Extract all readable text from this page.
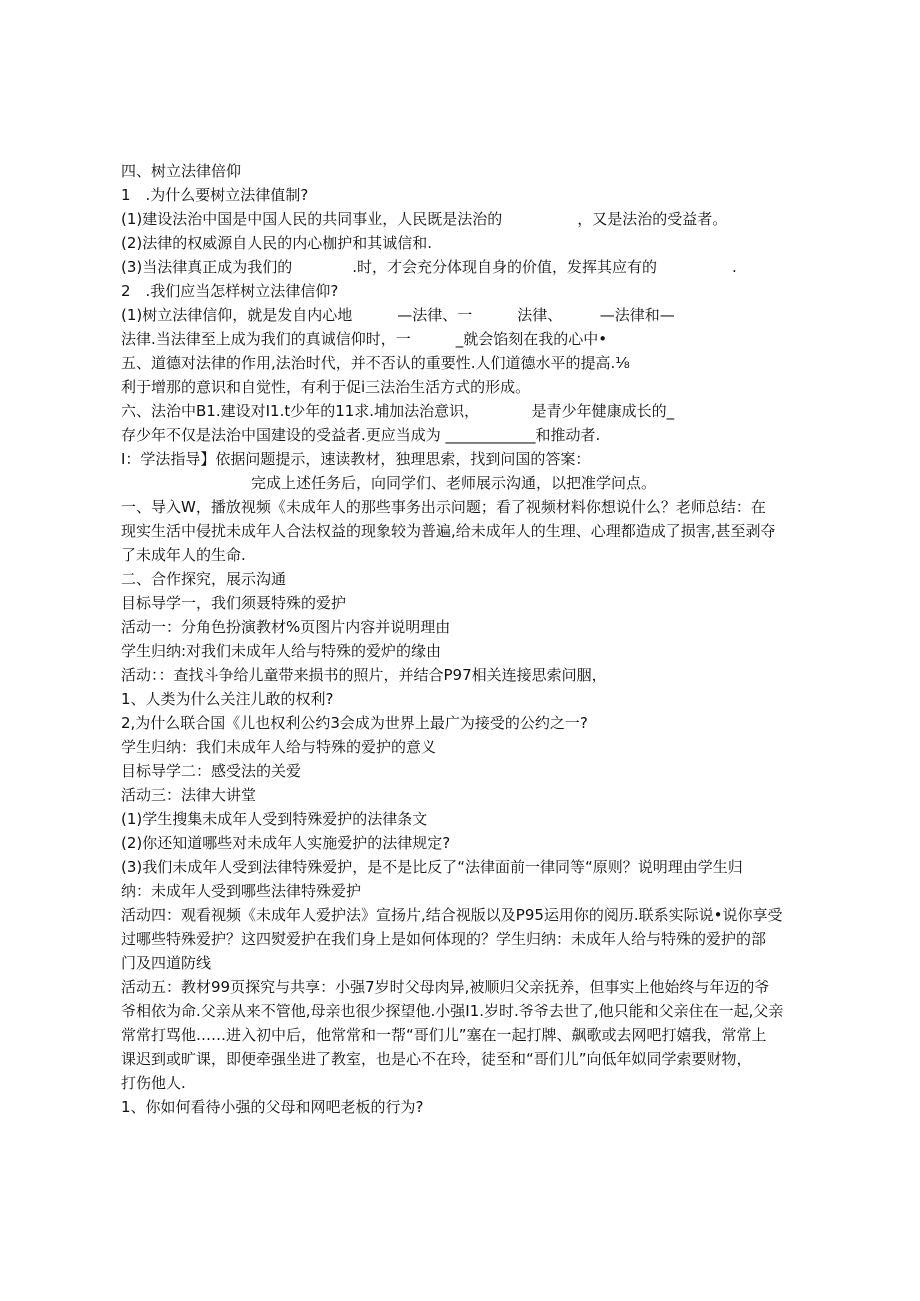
四、树立法律倍仰
1　.为什么要树立法律值制?
(1)建设法治中国是中国人民的共同事业，人民既是法治的　　　　　，又是法治的受益者。
(2)法律的权威源自人民的内心枷护和其诚信和.
(3)当法律真正成为我们的　　　　.时，才会充分体现自身的价值，发挥其应有的　　　　　.
2　.我们应当怎样树立法律信仰?
(1)树立法律信仰，就是发自内心地　　　—法律、一　　　法律、　　　—法律和—
法律.当法律至上成为我们的真诚信仰时，一　　　_就会馅刻在我的心中•
五、道德对法律的作用,法治时代，并不否认的重要性.人们道德水平的提高.⅛
利于增那的意识和自觉性，有利于促i三法治生活方式的形成。
六、法治中B1.建设对I1.t少年的11求.埔加法治意识，　　　　是青少年健康成长的_
存少年不仅是法治中国建设的受益者.更应当成为 ____________和推动者.
I：学法指导】依据问题提示，速读教材，独理思索，找到问国的答案：
完成上述任务后，向同学们、老师展示沟通，以把准学问点。
一、导入W，播放视频《未成年人的那些事务出示问题；看了视频材料你想说什么？老师总结：在
现实生活中侵扰未成年人合法权益的现象较为普遍,给未成年人的生理、心理都造成了损害,甚至剥夺
了未成年人的生命.
二、合作探究，展示沟通
目标导学一，我们须聂特殊的爱护
活动一：分角色扮演教材%页图片内容并说明理由
学生归纳:对我们未成年人给与特殊的爱炉的缘由
活动：：查找斗争给儿童带来损书的照片，并结合P97相关连接思索问胭，
1、人类为什么关注儿敢的权利?
2,为什么联合国《儿也权利公约3会成为世界上最广为接受的公约之一?
学生归纳：我们未成年人给与特殊的爱护的意义
目标导学二：感受法的关爱
活动三：法律大讲堂
(1)学生搜集未成年人受到特殊爱护的法律条文
(2)你还知道哪些对未成年人实施爱护的法律规定?
(3)我们未成年人受到法律特殊爱护，是不是比反了“法律面前一律同等“原则？说明理由学生归
纳：未成年人受到哪些法律特殊爱护
活动四：观看视频《未成年人爱护法》宣扬片,结合视版以及P95运用你的阅历.联系实际说•说你享受
过哪些特殊爱护？这四熨爱护在我们身上是如何体现的？学生归纳：未成年人给与特殊的爱护的部
门及四道防线
活动五：教材99页探究与共享：小强7岁时父母肉异,被顺归父亲抚养，但事实上他始终与年迈的爷
爷相依为命.父亲从来不管他,母亲也很少探望他.小强I1.岁时.爷爷去世了,他只能和父亲住在一起,父亲
常常打骂他……进入初中后，他常常和一帮“哥们儿”塞在一起打牌、飙歌或去网吧打嬉我，常常上
课迟到或旷课，即便牵强坐进了教室，也是心不在玲，徒至和“哥们儿”向低年姒同学索要财物，
打伤他人.
1、你如何看待小强的父母和网吧老板的行为?
